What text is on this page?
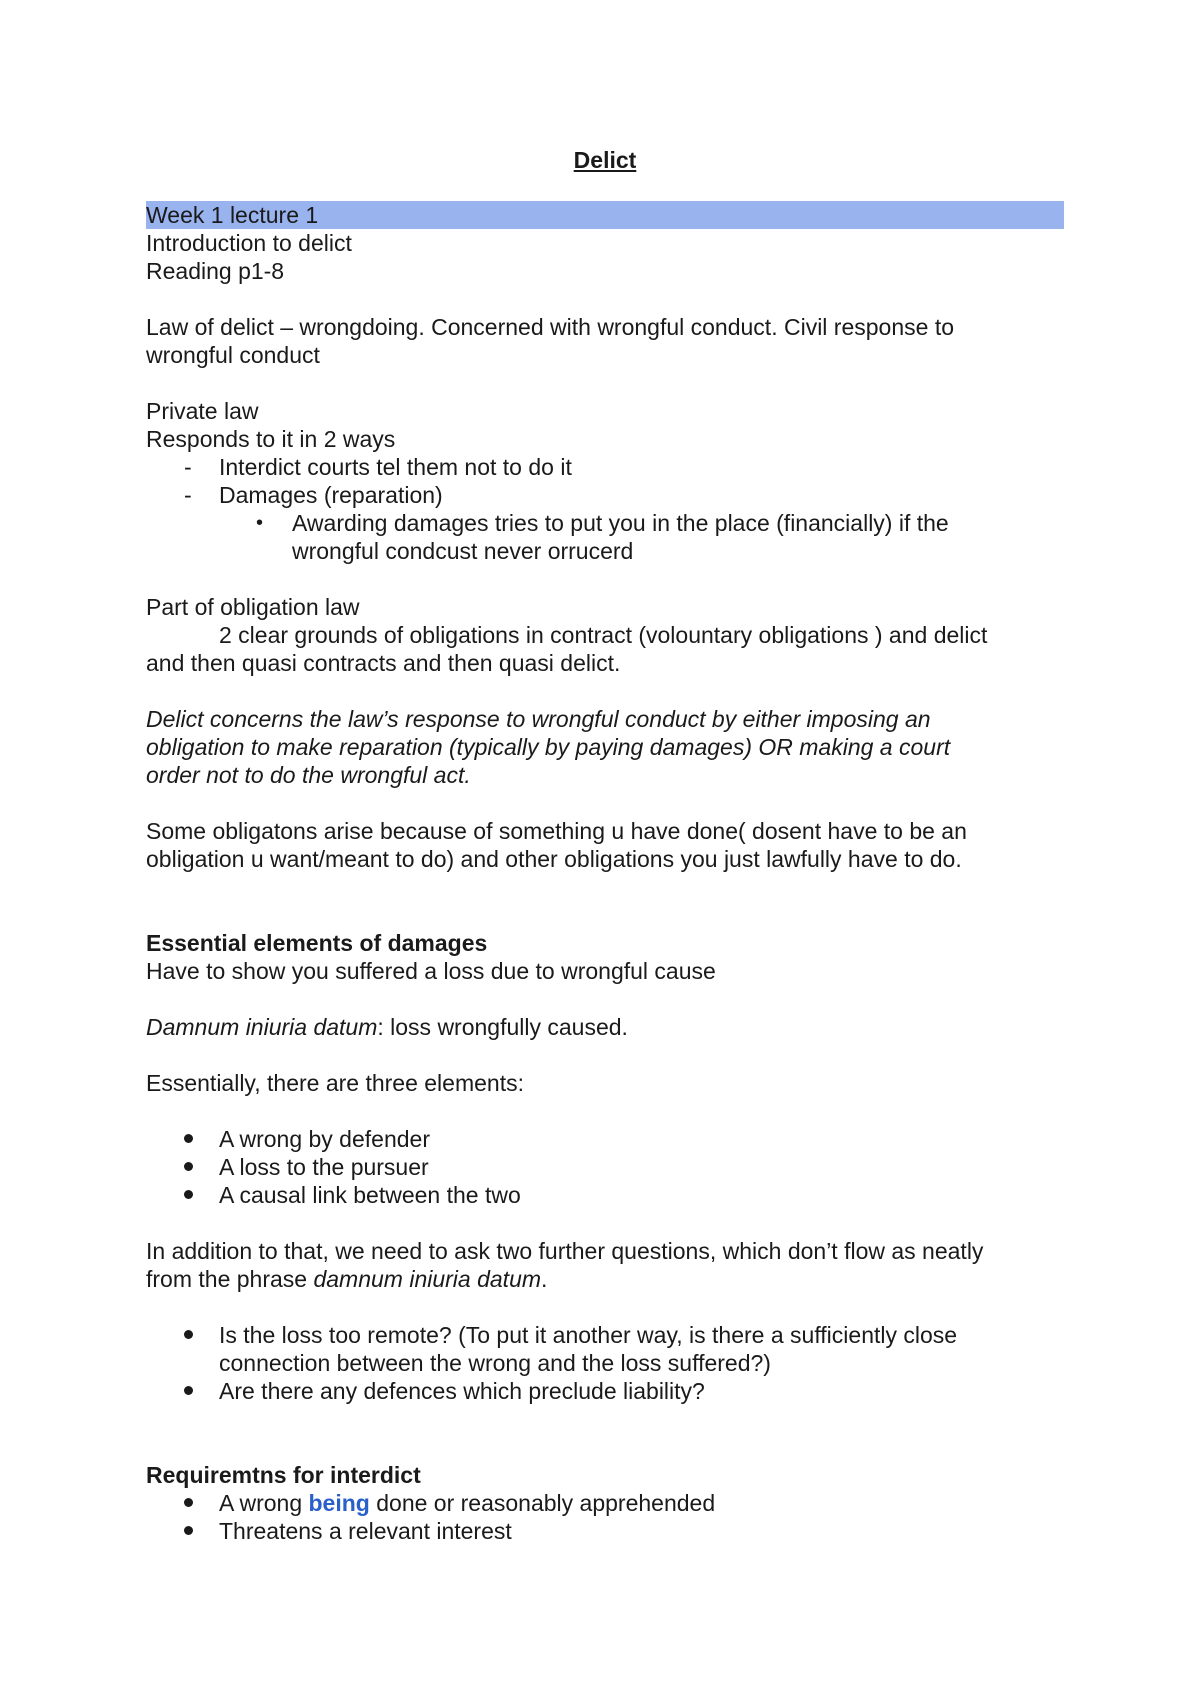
Delict
Week 1 lecture 1
Introduction to delict
Reading p1-8
Law of delict – wrongdoing. Concerned with wrongful conduct. Civil response to
wrongful conduct
Private law
Responds to it in 2 ways
- Interdict courts tel them not to do it
- Damages (reparation)
• Awarding damages tries to put you in the place (financially) if the
wrongful condcust never orrucerd
Part of obligation law
2 clear grounds of obligations in contract (volountary obligations ) and delict
and then quasi contracts and then quasi delict.
Delict concerns the law’s response to wrongful conduct by either imposing an
obligation to make reparation (typically by paying damages) OR making a court
order not to do the wrongful act.
Some obligatons arise because of something u have done( dosent have to be an
obligation u want/meant to do) and other obligations you just lawfully have to do.
Essential elements of damages
Have to show you suffered a loss due to wrongful cause
Damnum iniuria datum: loss wrongfully caused.
Essentially, there are three elements:
A wrong by defender
A loss to the pursuer
A causal link between the two
In addition to that, we need to ask two further questions, which don’t flow as neatly
from the phrase damnum iniuria datum.
Is the loss too remote? (To put it another way, is there a sufficiently close
connection between the wrong and the loss suffered?)
Are there any defences which preclude liability?
Requiremtns for interdict
A wrong being done or reasonably apprehended
Threatens a relevant interest
